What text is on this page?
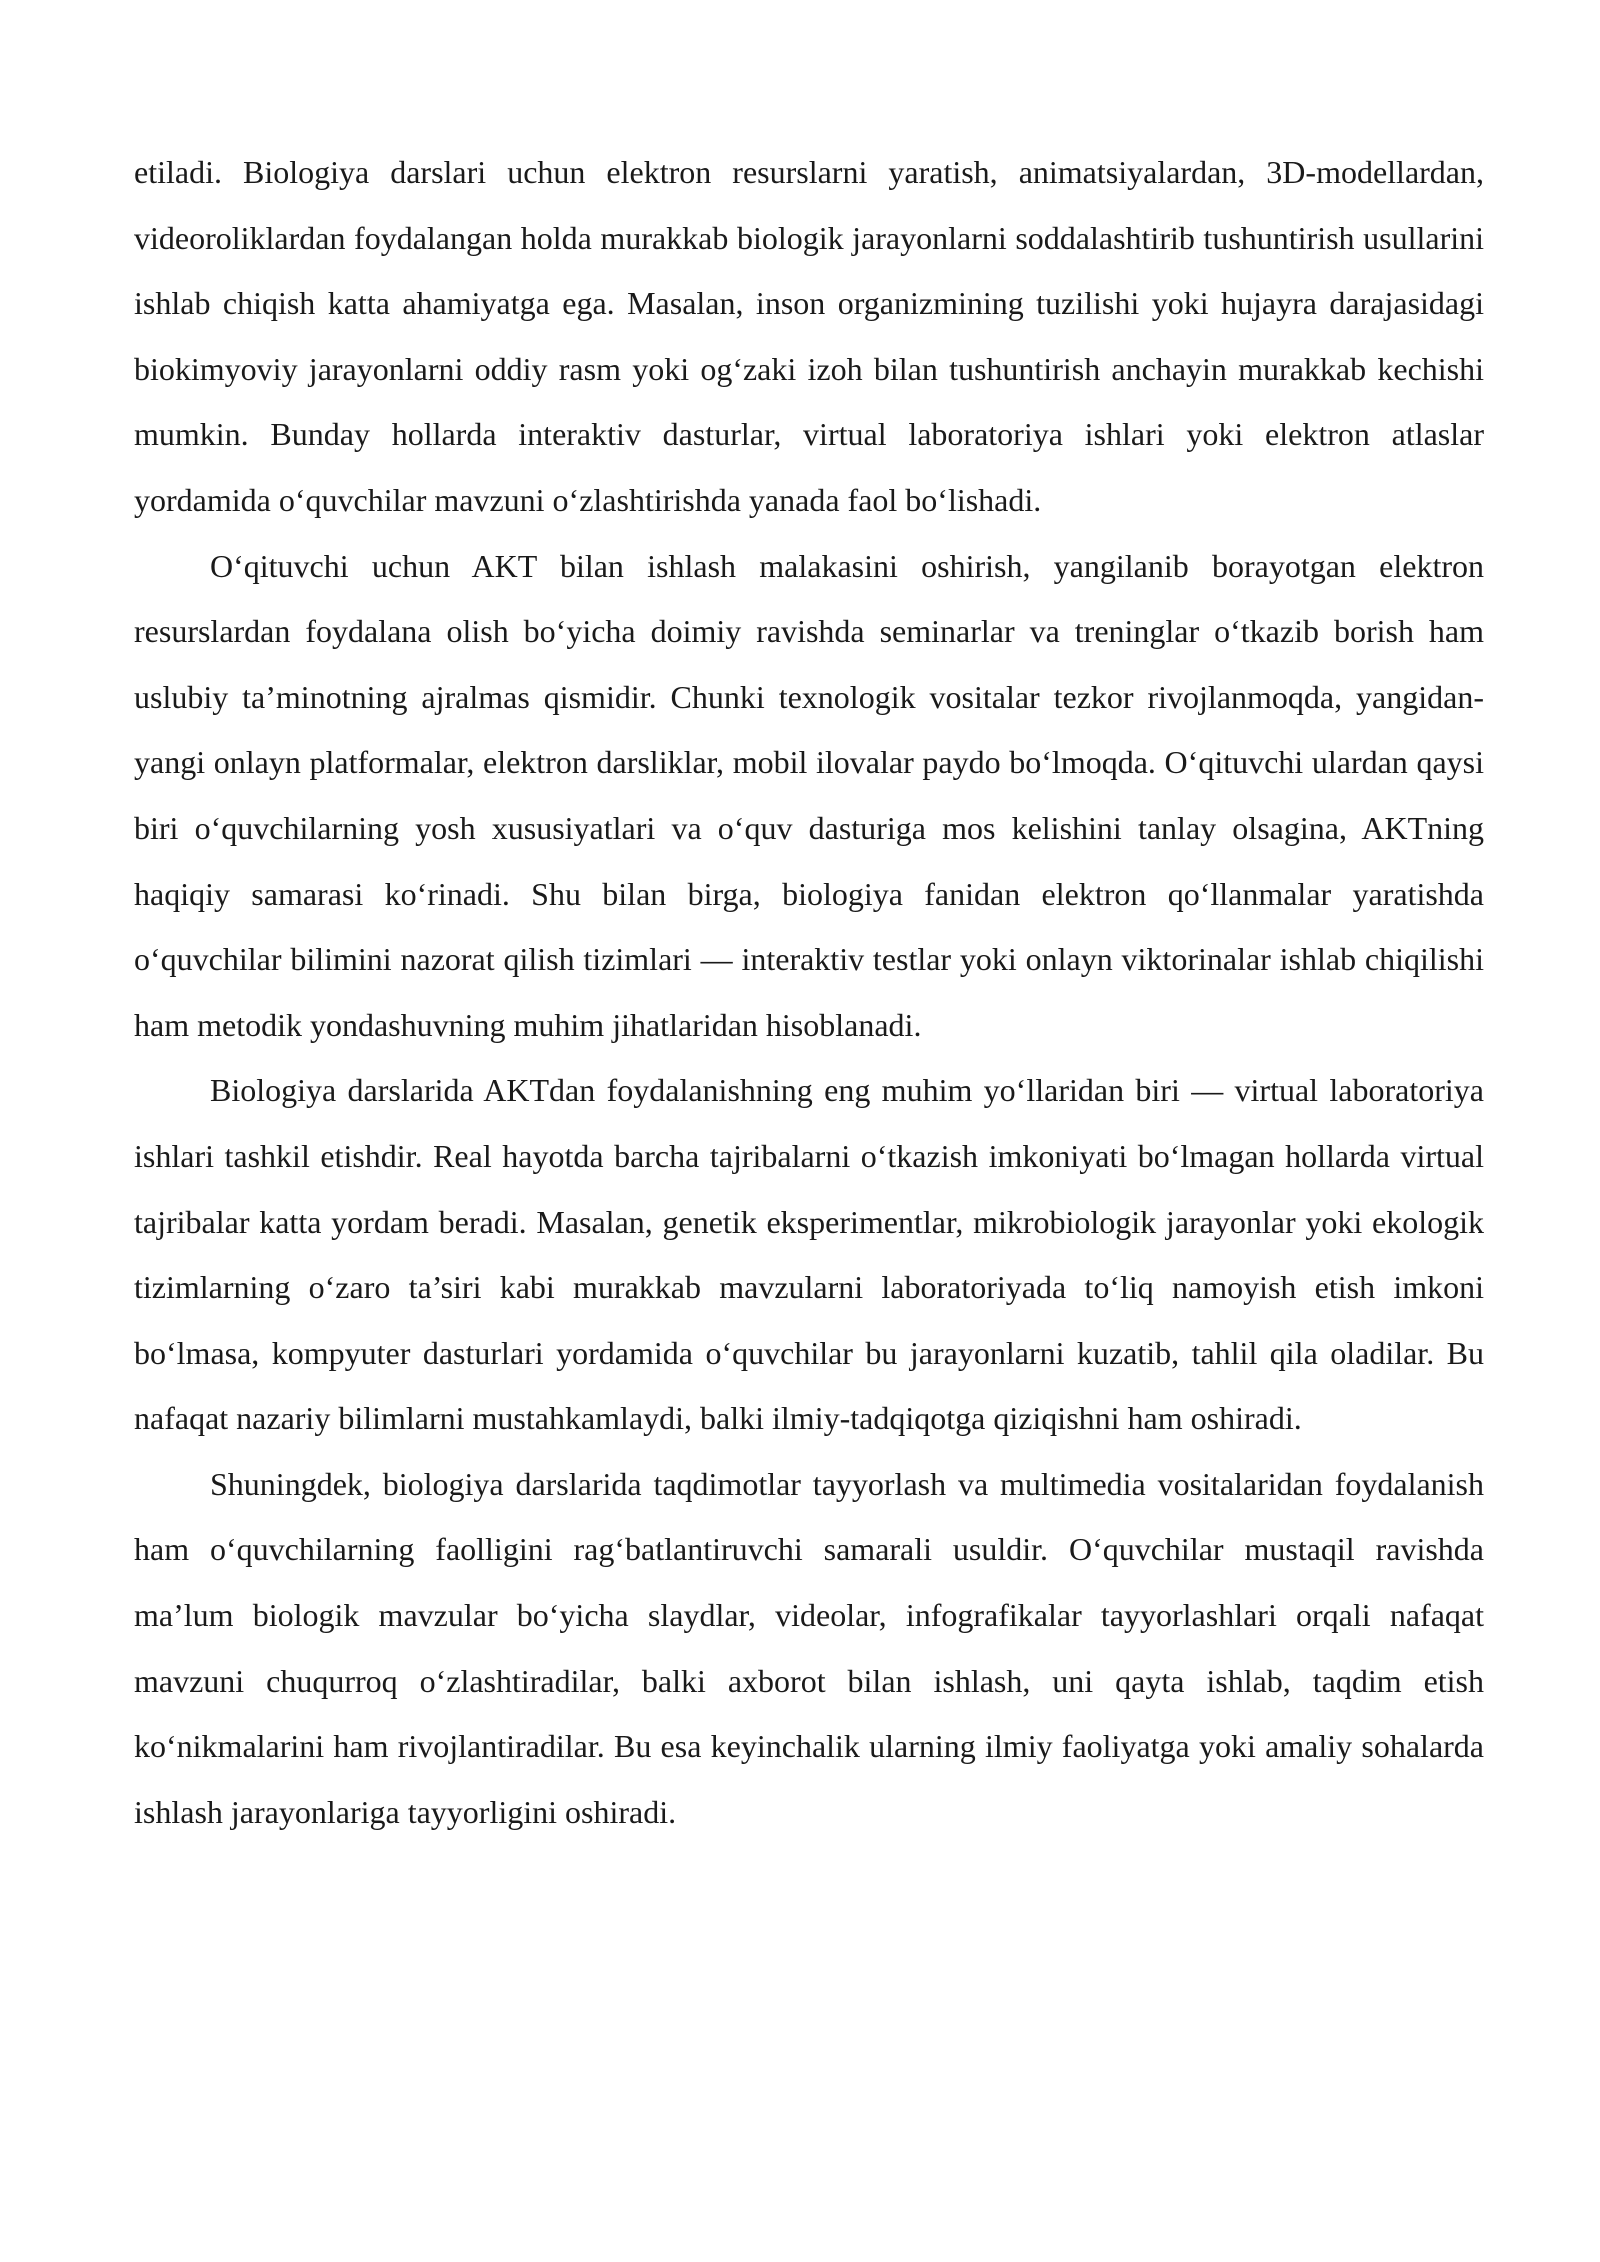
etiladi. Biologiya darslari uchun elektron resurslarni yaratish, animatsiyalardan, 3D-modellardan, videoroliklardan foydalangan holda murakkab biologik jarayonlarni soddalashtirib tushuntirish usullarini ishlab chiqish katta ahamiyatga ega. Masalan, inson organizmining tuzilishi yoki hujayra darajasidagi biokimyoviy jarayonlarni oddiy rasm yoki og‘zaki izoh bilan tushuntirish anchayin murakkab kechishi mumkin. Bunday hollarda interaktiv dasturlar, virtual laboratoriya ishlari yoki elektron atlaslar yordamida o‘quvchilar mavzuni o‘zlashtirishda yanada faol bo‘lishadi.

O‘qituvchi uchun AKT bilan ishlash malakasini oshirish, yangilanib borayotgan elektron resurslardan foydalana olish bo‘yicha doimiy ravishda seminarlar va treninglar o‘tkazib borish ham uslubiy ta’minotning ajralmas qismidir. Chunki texnologik vositalar tezkor rivojlanmoqda, yangidan-yangi onlayn platformalar, elektron darsliklar, mobil ilovalar paydo bo‘lmoqda. O‘qituvchi ulardan qaysi biri o‘quvchilarning yosh xususiyatlari va o‘quv dasturiga mos kelishini tanlay olsagina, AKTning haqiqiy samarasi ko‘rinadi. Shu bilan birga, biologiya fanidan elektron qo‘llanmalar yaratishda o‘quvchilar bilimini nazorat qilish tizimlari — interaktiv testlar yoki onlayn viktorinalar ishlab chiqilishi ham metodik yondashuvning muhim jihatlaridan hisoblanadi.

Biologiya darslarida AKTdan foydalanishning eng muhim yo‘llaridan biri — virtual laboratoriya ishlari tashkil etishdir. Real hayotda barcha tajribalarni o‘tkazish imkoniyati bo‘lmagan hollarda virtual tajribalar katta yordam beradi. Masalan, genetik eksperimentlar, mikrobiologik jarayonlar yoki ekologik tizimlarning o‘zaro ta’siri kabi murakkab mavzularni laboratoriyada to‘liq namoyish etish imkoni bo‘lmasa, kompyuter dasturlari yordamida o‘quvchilar bu jarayonlarni kuzatib, tahlil qila oladilar. Bu nafaqat nazariy bilimlarni mustahkamlaydi, balki ilmiy-tadqiqotga qiziqishni ham oshiradi.

Shuningdek, biologiya darslarida taqdimotlar tayyorlash va multimedia vositalaridan foydalanish ham o‘quvchilarning faolligini rag‘batlantiruvchi samarali usuldir. O‘quvchilar mustaqil ravishda ma’lum biologik mavzular bo‘yicha slaydlar, videolar, infografikalar tayyorlashlari orqali nafaqat mavzuni chuqurroq o‘zlashtiradilar, balki axborot bilan ishlash, uni qayta ishlab, taqdim etish ko‘nikmalarini ham rivojlantiradilar. Bu esa keyinchalik ularning ilmiy faoliyatga yoki amaliy sohalarda ishlash jarayonlariga tayyorligini oshiradi.
